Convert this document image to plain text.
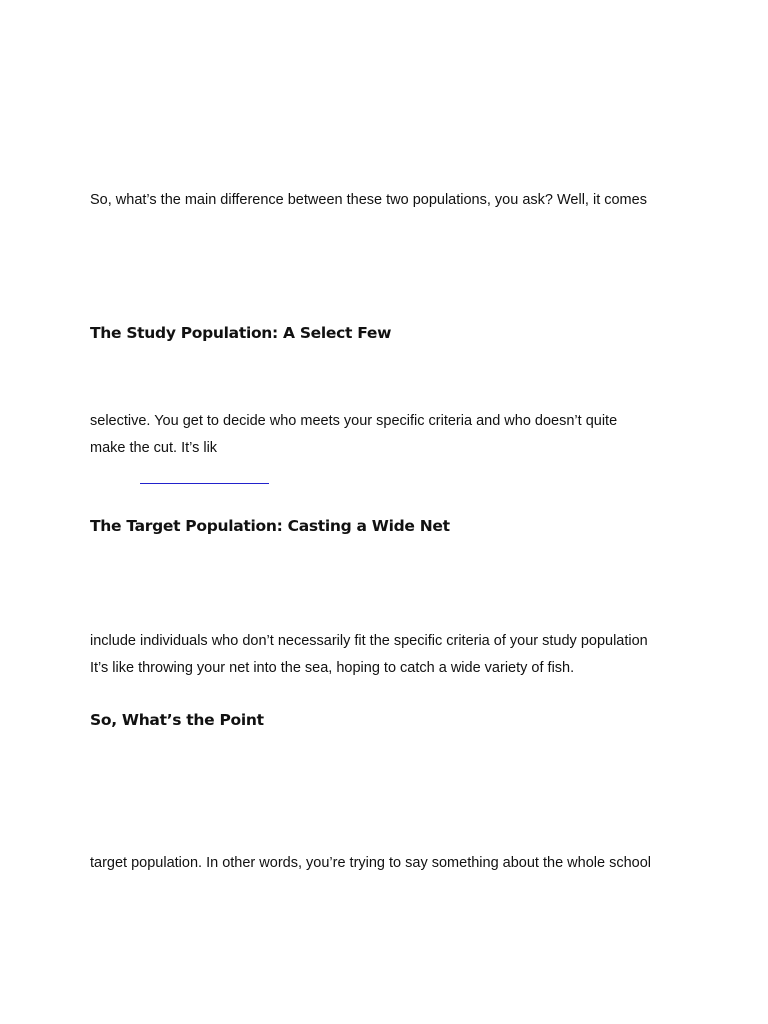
So, what’s the main difference between these two populations, you ask? Well, it comes

The Study Population: A Select Few

selective. You get to decide who meets your specific criteria and who doesn’t quite

make the cut. It’s lik

The Target Population: Casting a Wide Net

include individuals who don’t necessarily fit the specific criteria of your study population

It’s like throwing your net into the sea, hoping to catch a wide variety of fish.

So, What’s the Point

target population. In other words, you’re trying to say something about the whole school
